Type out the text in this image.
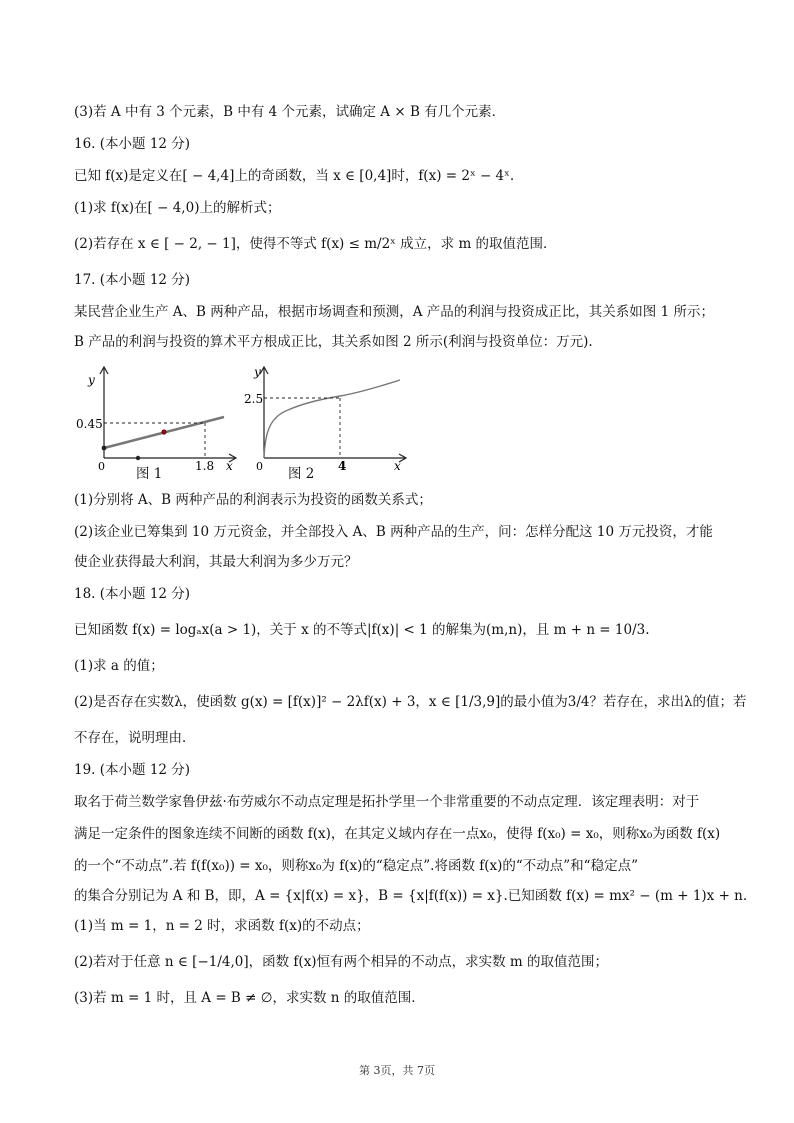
(3)若 A 中有 3 个元素，B 中有 4 个元素，试确定 A × B 有几个元素．
16. (本小题 12 分)
已知 f(x)是定义在[ − 4,4]上的奇函数，当 x ∈ [0,4]时，f(x) = 2ˣ − 4ˣ.
(1)求 f(x)在[ − 4,0)上的解析式；
(2)若存在 x ∈ [ − 2, − 1]，使得不等式 f(x) ≤ m/2ˣ 成立，求 m 的取值范围．
17. (本小题 12 分)
某民营企业生产 A、B 两种产品，根据市场调查和预测，A 产品的利润与投资成正比，其关系如图 1 所示；
B 产品的利润与投资的算术平方根成正比，其关系如图 2 所示(利润与投资单位：万元).
y
0.45
0	1.8 x
图 1
y
2.5
0	4	x
图 2
(1)分别将 A、B 两种产品的利润表示为投资的函数关系式；
(2)该企业已筹集到 10 万元资金，并全部投入 A、B 两种产品的生产，问：怎样分配这 10 万元投资，才能
使企业获得最大利润，其最大利润为多少万元？
18. (本小题 12 分)
已知函数 f(x) = logₐx(a > 1)，关于 x 的不等式|f(x)| < 1 的解集为(m,n)，且 m + n = 10/3.
(1)求 a 的值；
(2)是否存在实数λ，使函数 g(x) = [f(x)]² − 2λf(x) + 3，x ∈ [1/3,9]的最小值为3/4？若存在，求出λ的值；若
不存在，说明理由．
19. (本小题 12 分)
取名于荷兰数学家鲁伊兹·布劳威尔不动点定理是拓扑学里一个非常重要的不动点定理．该定理表明：对于
满足一定条件的图象连续不间断的函数 f(x)，在其定义域内存在一点x₀，使得 f(x₀) = x₀，则称x₀为函数 f(x)
的一个“不动点”.若 f(f(x₀)) = x₀，则称x₀为 f(x)的“稳定点”.将函数 f(x)的“不动点”和“稳定点”
的集合分别记为 A 和 B，即，A = {x|f(x) = x}，B = {x|f(f(x)) = x}.已知函数 f(x) = mx² − (m + 1)x + n.
(1)当 m = 1，n = 2 时，求函数 f(x)的不动点；
(2)若对于任意 n ∈ [−1/4,0]，函数 f(x)恒有两个相异的不动点，求实数 m 的取值范围；
(3)若 m = 1 时，且 A = B ≠ ∅，求实数 n 的取值范围．
第 3页，共 7页
